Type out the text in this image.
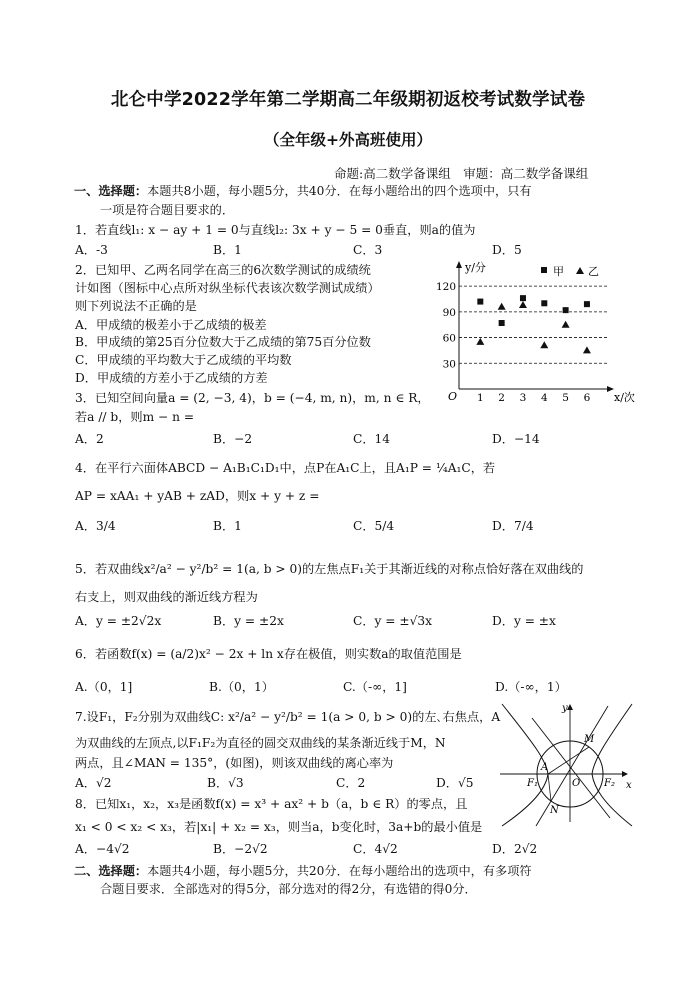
北仑中学2022学年第二学期高二年级期初返校考试数学试卷
（全年级+外高班使用）
命题:高二数学备课组　审题：高二数学备课组
一、选择题：本题共8小题，每小题5分，共40分．在每小题给出的四个选项中，只有
一项是符合题目要求的．
1．若直线l₁: x − ay + 1 = 0与直线l₂: 3x + y − 5 = 0垂直，则a的值为
A．-3	B．1	C．3	D．5
2．已知甲、乙两名同学在高三的6次数学测试的成绩统
计如图（图标中心点所对纵坐标代表该次数学测试成绩）
则下列说法不正确的是
A．甲成绩的极差小于乙成绩的极差
B．甲成绩的第25百分位数大于乙成绩的第75百分位数
C．甲成绩的平均数大于乙成绩的平均数
D．甲成绩的方差小于乙成绩的方差
y/分
x/次
O
甲 乙
30
60
90
120
1 2 3 4 5 6
3．已知空间向量a = (2, −3, 4)，b = (−4, m, n)，m, n ∈ R，
若a // b，则m − n =
A．2	B．−2	C．14	D．−14
4．在平行六面体ABCD − A₁B₁C₁D₁中，点P在A₁C上，且A₁P = ¼A₁C，若
AP = xAA₁ + yAB + zAD，则x + y + z =
A．3/4	B．1	C．5/4	D．7/4
5．若双曲线x²/a² − y²/b² = 1(a, b > 0)的左焦点F₁关于其渐近线的对称点恰好落在双曲线的
右支上，则双曲线的渐近线方程为
A．y = ±2√2x	B．y = ±2x	C．y = ±√3x	D．y = ±x
6．若函数f(x) = (a/2)x² − 2x + ln x存在极值，则实数a的取值范围是
A.（0，1]	B.（0，1）	C.（-∞，1]	D.（-∞，1）
7.设F₁，F₂分别为双曲线C: x²/a² − y²/b² = 1(a > 0, b > 0)的左､右焦点，A
为双曲线的左顶点,以F₁F₂为直径的圆交双曲线的某条渐近线于M，N
两点，且∠MAN = 135°，(如图)，则该双曲线的离心率为
A．√2	B．√3	C．2	D．√5
y
x
M
N
A
O
F₁	F₂
8．已知x₁，x₂，x₃是函数f(x) = x³ + ax² + b（a，b ∈ R）的零点，且
x₁ < 0 < x₂ < x₃，若|x₁| + x₂ = x₃，则当a，b变化时，3a+b的最小值是
A．−4√2	B．−2√2	C．4√2	D．2√2
二、选择题：本题共4小题，每小题5分，共20分．在每小题给出的选项中，有多项符
合题目要求．全部选对的得5分，部分选对的得2分，有选错的得0分．
